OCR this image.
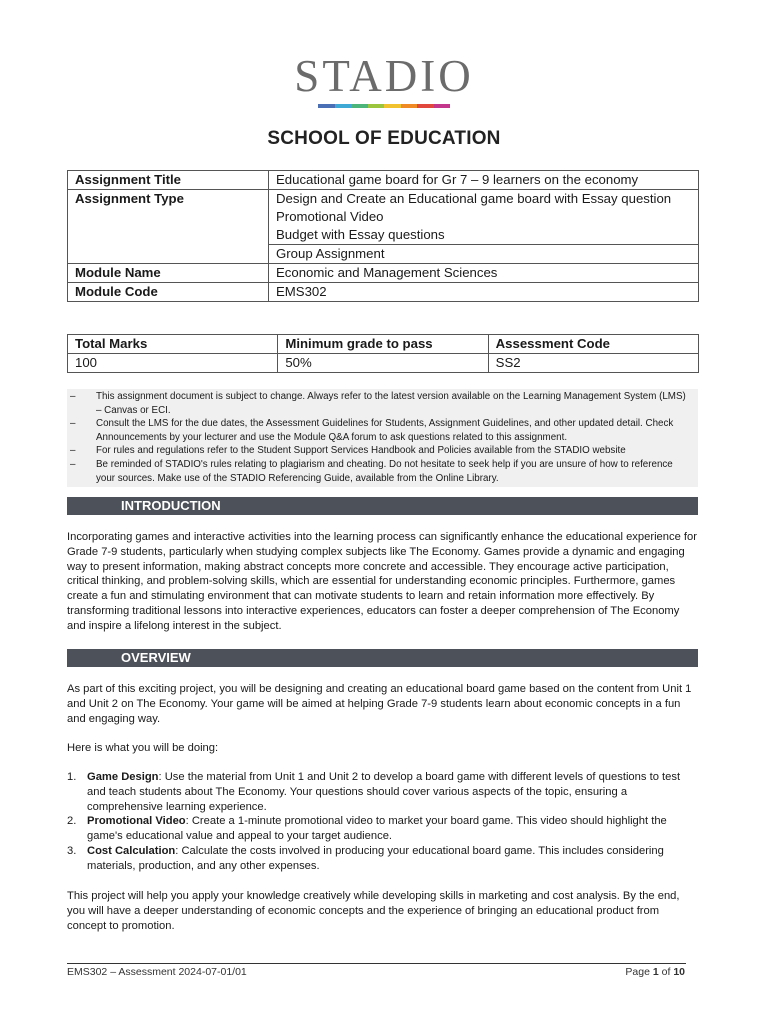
STADIO
SCHOOL OF EDUCATION
Assignment Title	Educational game board for Gr 7 – 9 learners on the economy
Assignment Type	Design and Create an Educational game board with Essay question
	Promotional Video
	Budget with Essay questions
	Group Assignment
Module Name	Economic and Management Sciences
Module Code	EMS302
Total Marks	Minimum grade to pass	Assessment Code
100	50%	SS2
–	This assignment document is subject to change. Always refer to the latest version available on the Learning Management System (LMS) – Canvas or ECI.
–	Consult the LMS for the due dates, the Assessment Guidelines for Students, Assignment Guidelines, and other updated detail. Check Announcements by your lecturer and use the Module Q&A forum to ask questions related to this assignment.
–	For rules and regulations refer to the Student Support Services Handbook and Policies available from the STADIO website
–	Be reminded of STADIO's rules relating to plagiarism and cheating. Do not hesitate to seek help if you are unsure of how to reference your sources. Make use of the STADIO Referencing Guide, available from the Online Library.
INTRODUCTION
Incorporating games and interactive activities into the learning process can significantly enhance the educational experience for Grade 7-9 students, particularly when studying complex subjects like The Economy. Games provide a dynamic and engaging way to present information, making abstract concepts more concrete and accessible. They encourage active participation, critical thinking, and problem-solving skills, which are essential for understanding economic principles. Furthermore, games create a fun and stimulating environment that can motivate students to learn and retain information more effectively. By transforming traditional lessons into interactive experiences, educators can foster a deeper comprehension of The Economy and inspire a lifelong interest in the subject.
OVERVIEW
As part of this exciting project, you will be designing and creating an educational board game based on the content from Unit 1 and Unit 2 on The Economy. Your game will be aimed at helping Grade 7-9 students learn about economic concepts in a fun and engaging way.
Here is what you will be doing:
1. Game Design: Use the material from Unit 1 and Unit 2 to develop a board game with different levels of questions to test and teach students about The Economy. Your questions should cover various aspects of the topic, ensuring a comprehensive learning experience.
2. Promotional Video: Create a 1-minute promotional video to market your board game. This video should highlight the game's educational value and appeal to your target audience.
3. Cost Calculation: Calculate the costs involved in producing your educational board game. This includes considering materials, production, and any other expenses.
This project will help you apply your knowledge creatively while developing skills in marketing and cost analysis. By the end, you will have a deeper understanding of economic concepts and the experience of bringing an educational product from concept to promotion.
EMS302 – Assessment 2024-07-01/01	Page 1 of 10
